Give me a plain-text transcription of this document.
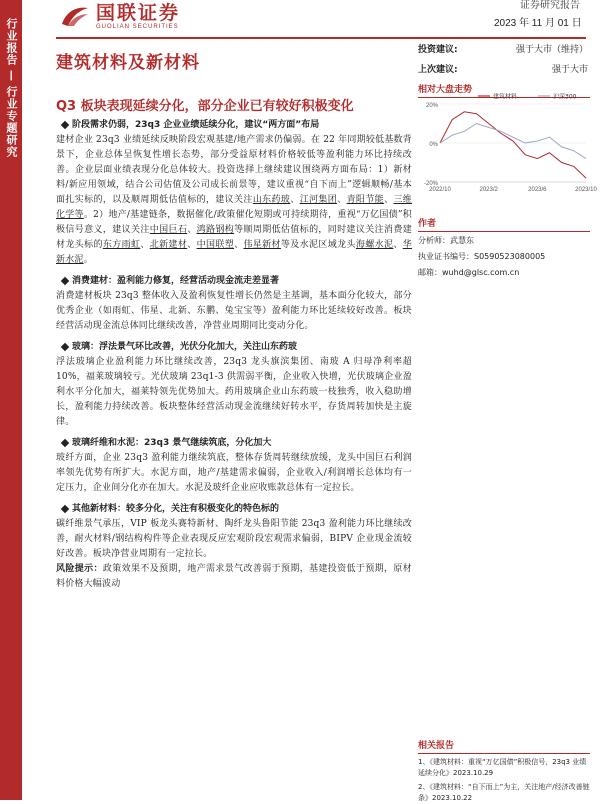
行业报告
—
行业专题研究
国联证券
GUOLIAN SECURITIES
证券研究报告
2023 年 11 月 01 日
建筑材料及新材料
投资建议:	强于大市（维持）
上次建议:	强于大市
Q3 板块表现延续分化，部分企业已有较好积极变化
相对大盘走势
20%
0%
-20%
2022/10	2023/2	2023/6	2023/10
建筑材料	沪深300
作者
分析师：武慧东
执业证书编号：S0590523080005
邮箱：wuhd@glsc.com.cn
相关报告
1、《建筑材料：重视“万亿国债”积极信号，23q3 业绩延续分化》2023.10.29
2、《建筑材料：“自下而上”为主，关注地产/经济改善链条》2023.10.22
阶段需求仍弱，23q3 企业业绩延续分化，建议“两方面”布局
建材企业 23q3 业绩延续反映阶段宏观基建/地产需求仍偏弱。在 22 年同期较低基数背景下，企业总体呈恢复性增长态势，部分受益原材料价格较低等盈利能力环比持续改善。企业层面业绩表现分化总体较大。投资选择上继续建议围绕两方面布局：1）新材料/新应用领域，结合公司估值及公司成长前景等，建议重视“自下而上”逻辑顺畅/基本面扎实标的，以及顺周期低估值标的，建议关注山东药玻、江河集团、青阳节能、三维化学等。2）地产/基建链条，数据催化/政策催化短期或可持续期待，重视“万亿国债”积极信号意义，建议关注中国巨石、鸿路钢构等顺周期低估值标的，同时建议关注消费建材龙头标的东方雨虹、北新建材、中国联塑、伟星新材等及水泥区域龙头海螺水泥、华新水泥。
消费建材：盈利能力修复，经营活动现金流走差显著
消费建材板块 23q3 整体收入及盈利恢复性增长仍然是主基调，基本面分化较大，部分优秀企业（如雨虹、伟星、北新、东鹏、兔宝宝等）盈利能力环比延续较好改善。板块经营活动现金流总体同比继续改善，净营业周期同比变动分化。
玻璃：浮法景气环比改善，光伏分化加大，关注山东药玻
浮法玻璃企业盈利能力环比继续改善，23q3 龙头旗滨集团、南玻 A 归母净利率超 10%，福莱玻璃较亏。光伏玻璃 23q1-3 供需弱平衡，企业收入快增，光伏玻璃企业盈利水平分化加大，福莱特领先优势加大。药用玻璃企业山东药玻一枝独秀，收入稳助增长，盈利能力持续改善。板块整体经营活动现金流继续好转水平，存货周转加快是主旋律。
玻璃纤维和水泥：23q3 景气继续筑底，分化加大
玻纤方面，企业 23q3 盈利能力继续筑底，整体存货周转继续放缓，龙头中国巨石利润率领先优势有所扩大。水泥方面，地产/基建需求偏弱，企业收入/利润增长总体均有一定压力，企业间分化亦在加大。水泥及玻纤企业应收账款总体有一定拉长。
其他新材料：较多分化，关注有积极变化的特色标的
碳纤维景气承压，VIP 板龙头赛特新材、陶纤龙头鲁阳节能 23q3 盈利能力环比继续改善，耐火材料/钢结构构件等企业表现反应宏观阶段宏观需求偏弱，BIPV 企业现金流较好改善。板块净营业周期有一定拉长。
风险提示：政策效果不及预期，地产需求景气改善弱于预期，基建投资低于预期，原材料价格大幅波动
